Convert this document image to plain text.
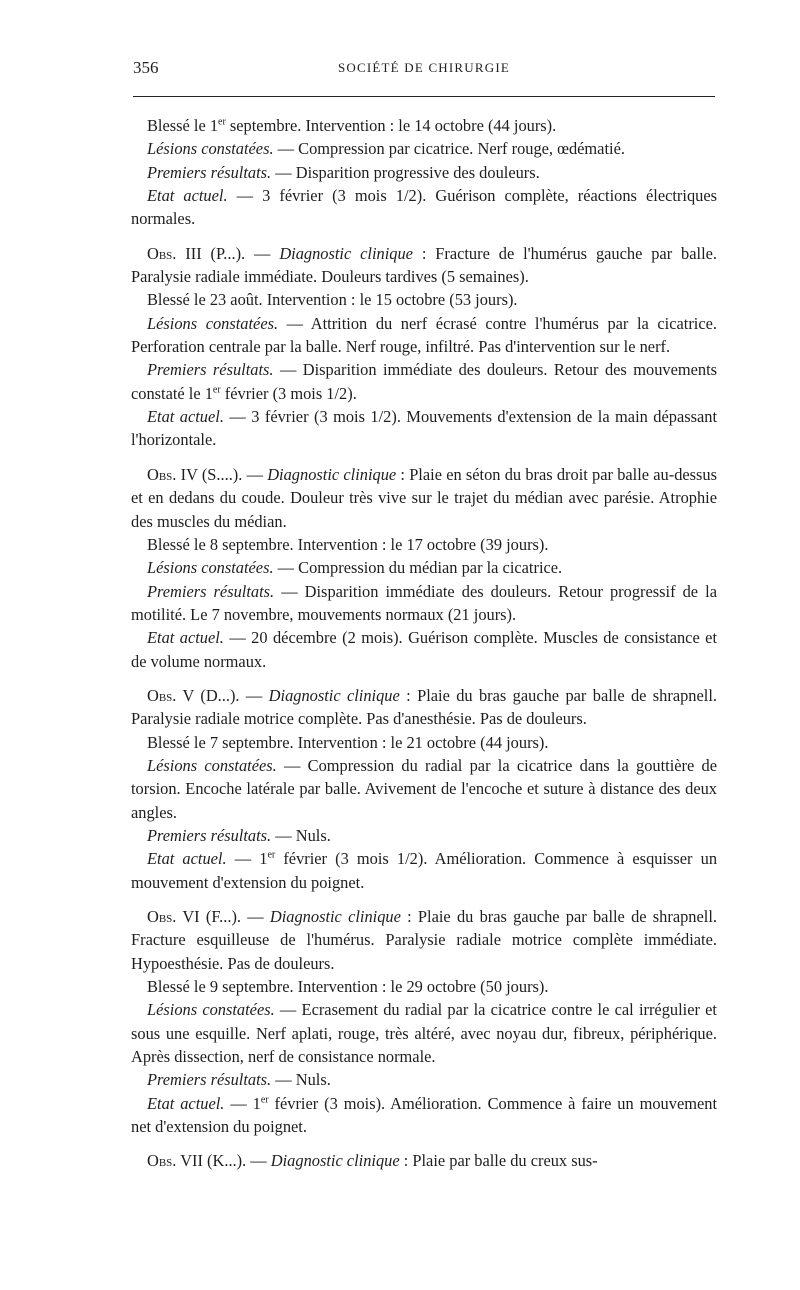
356	SOCIÉTÉ DE CHIRURGIE

Blessé le 1er septembre. Intervention : le 14 octobre (44 jours).

Lésions constatées. — Compression par cicatrice. Nerf rouge, œdématié.

Premiers résultats. — Disparition progressive des douleurs.

Etat actuel. — 3 février (3 mois 1/2). Guérison complète, réactions électriques normales.

Obs. III (P...). — Diagnostic clinique : Fracture de l'humérus gauche par balle. Paralysie radiale immédiate. Douleurs tardives (5 semaines).

Blessé le 23 août. Intervention : le 15 octobre (53 jours).

Lésions constatées. — Attrition du nerf écrasé contre l'humérus par la cicatrice. Perforation centrale par la balle. Nerf rouge, infiltré. Pas d'intervention sur le nerf.

Premiers résultats. — Disparition immédiate des douleurs. Retour des mouvements constaté le 1er février (3 mois 1/2).

Etat actuel. — 3 février (3 mois 1/2). Mouvements d'extension de la main dépassant l'horizontale.

Obs. IV (S....). — Diagnostic clinique : Plaie en séton du bras droit par balle au-dessus et en dedans du coude. Douleur très vive sur le trajet du médian avec parésie. Atrophie des muscles du médian.

Blessé le 8 septembre. Intervention : le 17 octobre (39 jours).

Lésions constatées. — Compression du médian par la cicatrice.

Premiers résultats. — Disparition immédiate des douleurs. Retour progressif de la motilité. Le 7 novembre, mouvements normaux (21 jours).

Etat actuel. — 20 décembre (2 mois). Guérison complète. Muscles de consistance et de volume normaux.

Obs. V (D...). — Diagnostic clinique : Plaie du bras gauche par balle de shrapnell. Paralysie radiale motrice complète. Pas d'anesthésie. Pas de douleurs.

Blessé le 7 septembre. Intervention : le 21 octobre (44 jours).

Lésions constatées. — Compression du radial par la cicatrice dans la gouttière de torsion. Encoche latérale par balle. Avivement de l'encoche et suture à distance des deux angles.

Premiers résultats. — Nuls.

Etat actuel. — 1er février (3 mois 1/2). Amélioration. Commence à esquisser un mouvement d'extension du poignet.

Obs. VI (F...). — Diagnostic clinique : Plaie du bras gauche par balle de shrapnell. Fracture esquilleuse de l'humérus. Paralysie radiale motrice complète immédiate. Hypoesthésie. Pas de douleurs.

Blessé le 9 septembre. Intervention : le 29 octobre (50 jours).

Lésions constatées. — Ecrasement du radial par la cicatrice contre le cal irrégulier et sous une esquille. Nerf aplati, rouge, très altéré, avec noyau dur, fibreux, périphérique. Après dissection, nerf de consistance normale.

Premiers résultats. — Nuls.

Etat actuel. — 1er février (3 mois). Amélioration. Commence à faire un mouvement net d'extension du poignet.

Obs. VII (K...). — Diagnostic clinique : Plaie par balle du creux sus-
